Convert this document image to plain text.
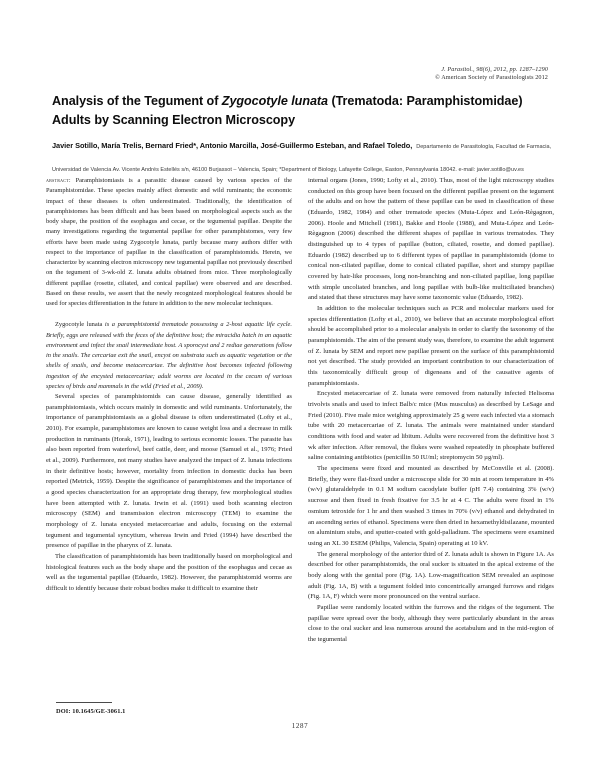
J. Parasitol., 98(6), 2012, pp. 1287–1290
© American Society of Parasitologists 2012
Analysis of the Tegument of Zygocotyle lunata (Trematoda: Paramphistomidae) Adults by Scanning Electron Microscopy
Javier Sotillo, María Trelis, Bernard Fried*, Antonio Marcilla, José-Guillermo Esteban, and Rafael Toledo, Departamento de Parasitología, Facultad de Farmacia, Universidad de Valencia Av. Vicente Andrés Estellés s/n, 46100 Burjassot – Valencia, Spain; *Department of Biology, Lafayette College, Easton, Pennsylvania 18042. e-mail: javier.sotillo@uv.es

abstract: Paramphistomiasis is a parasitic disease caused by various species of the Paramphistomidae. These species mainly affect domestic and wild ruminants; the economic impact of these diseases is often underestimated. Traditionally, the identification of paramphistomes has been difficult and has been based on morphological aspects such as the body shape, the position of the esophagus and cecae, or the tegumental papillae. Despite the many investigations regarding the tegumental papillae for other paramphistomes, very few efforts have been made using Zygocotyle lunata, partly because many authors differ with respect to the importance of papillae in the classification of paramphistomids. Herein, we characterize by scanning electron microscopy new tegumental papillae not previously described on the tegument of 3-wk-old Z. lunata adults obtained from mice. Three morphologically different papillae (rosette, ciliated, and conical papillae) were observed and are described. Based on these results, we assert that the newly recognized morphological features should be used for species differentiation in the future in addition to the new molecular techniques.

Zygocotyle lunata is a paramphistomid trematode possessing a 2-host aquatic life cycle. Briefly, eggs are released with the feces of the definitive host; the miracidia hatch in an aquatic environment and infect the snail intermediate host. A sporocyst and 2 rediae generations follow in the snails. The cercariae exit the snail, encyst on substrata such as aquatic vegetation or the shells of snails, and become metacercariae. The definitive host becomes infected following ingestion of the encysted metacercariae; adult worms are located in the cecum of various species of birds and mammals in the wild (Fried et al., 2009).

Several species of paramphistomids can cause disease, generally identified as paramphistomiasis, which occurs mainly in domestic and wild ruminants. Unfortunately, the importance of paramphistomiasis as a global disease is often underestimated (Lofty et al., 2010). For example, paramphistomes are known to cause weight loss and a decrease in milk production in ruminants (Horak, 1971), leading to serious economic losses. The parasite has also been reported from waterfowl, beef cattle, deer, and moose (Samuel et al., 1976; Fried et al., 2009). Furthermore, not many studies have analyzed the impact of Z. lunata infections in their definitive hosts; however, mortality from infection in domestic ducks has been reported (Metrick, 1959). Despite the significance of paramphistomes and the importance of a good species characterization for an appropriate drug therapy, few morphological studies have been attempted with Z. lunata. Irwin et al. (1991) used both scanning electron microscopy (SEM) and transmission electron microscopy (TEM) to examine the morphology of Z. lunata encysted metacercariae and adults, focusing on the external tegument and tegumental syncytium, whereas Irwin and Fried (1994) have described the presence of papillae in the pharynx of Z. lunata.

The classification of paramphistomids has been traditionally based on morphological and histological features such as the body shape and the position of the esophagus and cecae as well as the tegumental papillae (Eduardo, 1982). However, the paramphistomid worms are difficult to identify because their robust bodies make it difficult to examine their

internal organs (Jones, 1990; Lofty et al., 2010). Thus, most of the light microscopy studies conducted on this group have been focused on the different papillae present on the tegument of the adults and on how the pattern of these papillae can be used in classification of these (Eduardo, 1982, 1984) and other trematode species (Muta-López and León-Règagnon, 2006). Hoole and Mitchell (1981), Bakke and Hoole (1988), and Muta-López and León-Règagnon (2006) described the different shapes of papillae in various trematodes. They distinguished up to 4 types of papillae (button, ciliated, rosette, and domed papillae). Eduardo (1982) described up to 6 different types of papillae in paramphistomids (dome to conical non-ciliated papillae, dome to conical ciliated papillae, short and stumpy papillae covered by hair-like processes, long non-branching and non-ciliated papillae, long papillae with simple uncoliated branches, and long papillae with bulb-like multiciliated branches) and stated that these structures may have some taxonomic value (Eduardo, 1982).

In addition to the molecular techniques such as PCR and molecular markers used for species differentiation (Lofty et al., 2010), we believe that an accurate morphological effort should be accomplished prior to a molecular analysis in order to clarify the taxonomy of the paramphistomids. The aim of the present study was, therefore, to examine the adult tegument of Z. lunata by SEM and report new papillae present on the surface of this paramphistomid not yet described. The study provided an important contribution to our characterization of this taxonomically difficult group of digeneans and of the causative agents of paramphistomiasis.

Encysted metacercariae of Z. lunata were removed from naturally infected Helisoma trivolvis snails and used to infect Balb/c mice (Mus musculus) as described by LeSage and Fried (2010). Five male mice weighing approximately 25 g were each infected via a stomach tube with 20 metacercariae of Z. lunata. The animals were maintained under standard conditions with food and water ad libitum. Adults were recovered from the definitive host 3 wk after infection. After removal, the flukes were washed repeatedly in phosphate buffered saline containing antibiotics (penicillin 50 IU/ml; streptomycin 50 µg/ml).

The specimens were fixed and mounted as described by McConville et al. (2008). Briefly, they were flat-fixed under a microscope slide for 30 min at room temperature in 4% (w/v) glutaraldehyde in 0.1 M sodium cacodylate buffer (pH 7.4) containing 3% (w/v) sucrose and then fixed in fresh fixative for 3.5 hr at 4 C. The adults were fixed in 1% osmium tetroxide for 1 hr and then washed 3 times in 70% (v/v) ethanol and dehydrated in an ascending series of ethanol. Specimens were then dried in hexamethyldisilazane, mounted on aluminium stubs, and sputter-coated with gold-palladium. The specimens were examined using an XL 30 ESEM (Philips, Valencia, Spain) operating at 10 kV.

The general morphology of the anterior third of Z. lunata adult is shown in Figure 1A. As described for other paramphistomids, the oral sucker is situated in the apical extreme of the body along with the genital pore (Fig. 1A). Low-magnification SEM revealed an aspinose adult (Fig. 1A, B) with a tegument folded into concentrically arranged furrows and ridges (Fig. 1A, F) which were more pronounced on the ventral surface.

Papillae were randomly located within the furrows and the ridges of the tegument. The papillae were spread over the body, although they were particularly abundant in the areas close to the oral sucker and less numerous around the acetabulum and in the mid-region of the tegumental

DOI: 10.1645/GE-3061.1
1287
